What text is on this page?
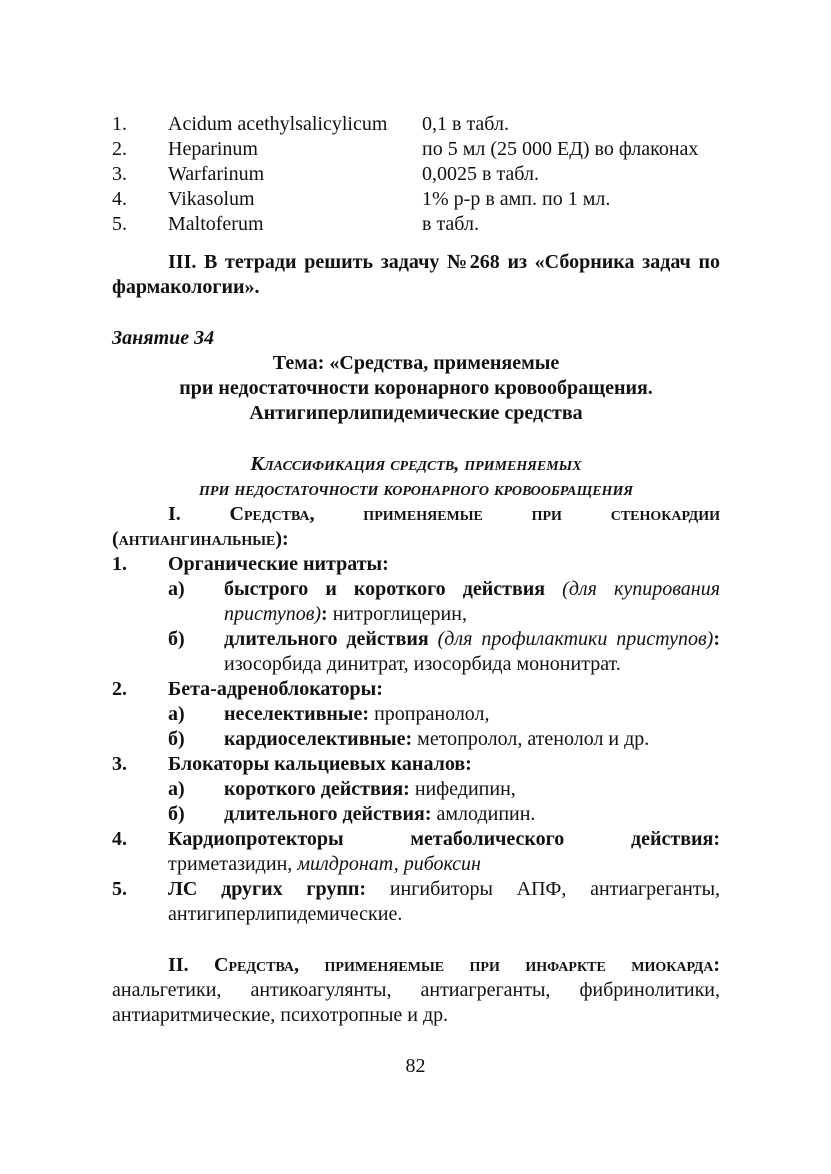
1.	Acidum acethylsalicylicum	0,1 в табл.
2.	Heparinum	по 5 мл (25 000 ЕД) во флаконах
3.	Warfarinum	0,0025 в табл.
4.	Vikasolum	1% р-р в амп. по 1 мл.
5.	Maltoferum	в табл.
III. В тетради решить задачу №268 из «Сборника задач по фармакологии».
Занятие 34
Тема: «Средства, применяемые
при недостаточности коронарного кровообращения.
Антигиперлипидемические средства
Классификация средств, применяемых
при недостаточности коронарного кровообращения
I. Средства, применяемые при стенокардии (антиангинальные):
1.	Органические нитраты:
а)	быстрого и короткого действия (для купирования приступов): нитроглицерин,
б)	длительного действия (для профилактики приступов): изосорбида динитрат, изосорбида мононитрат.
2.	Бета-адреноблокаторы:
а)	неселективные: пропранолол,
б)	кардиоселективные: метопролол, атенолол и др.
3.	Блокаторы кальциевых каналов:
а)	короткого действия: нифедипин,
б)	длительного действия: амлодипин.
4.	Кардиопротекторы метаболического действия: триметазидин, милдронат, рибоксин
5.	ЛС других групп: ингибиторы АПФ, антиагреганты, антигиперлипидемические.
II. Средства, применяемые при инфаркте миокарда: анальгетики, антикоагулянты, антиагреганты, фибринолитики, антиаритмические, психотропные и др.
82
